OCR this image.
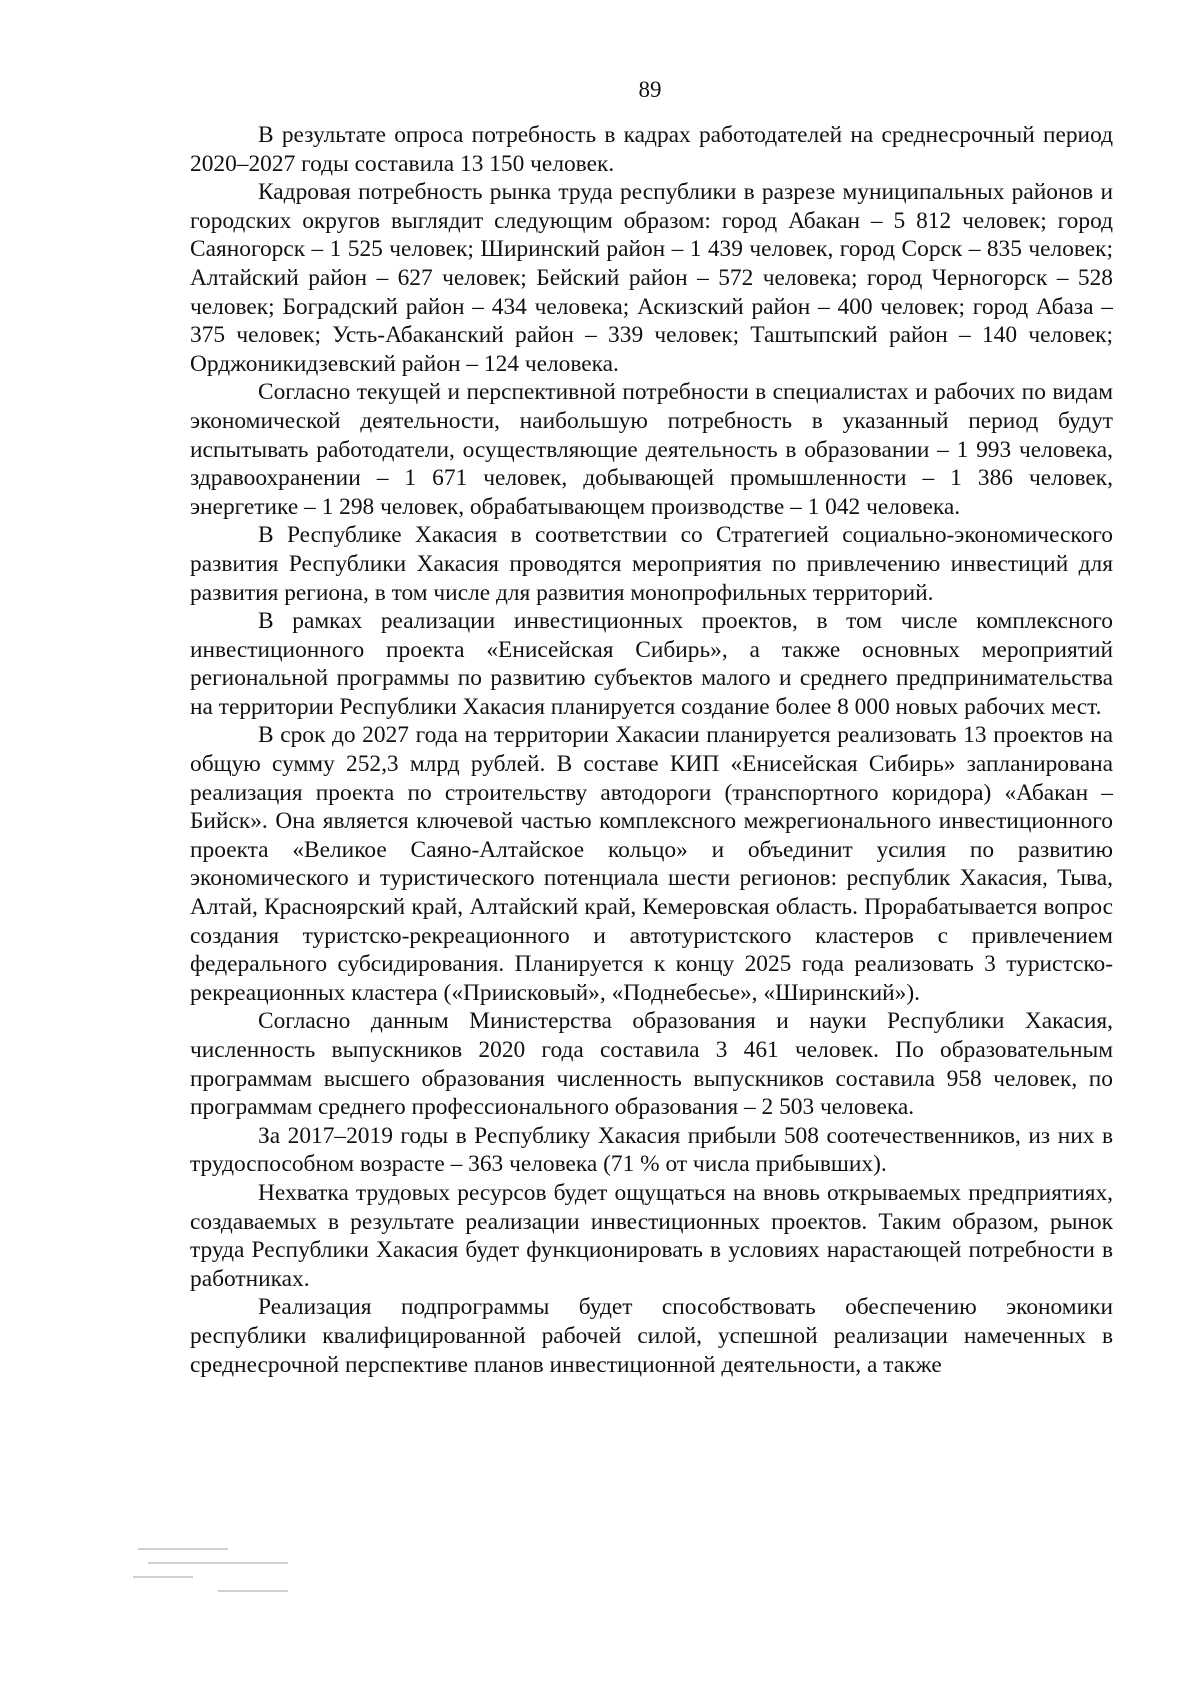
89

В результате опроса потребность в кадрах работодателей на среднесрочный период 2020–2027 годы составила 13 150 человек.

Кадровая потребность рынка труда республики в разрезе муниципальных районов и городских округов выглядит следующим образом: город Абакан – 5 812 человек; город Саяногорск – 1 525 человек; Ширинский район – 1 439 человек, город Сорск – 835 человек; Алтайский район – 627 человек; Бейский район – 572 человека; город Черногорск – 528 человек; Боградский район – 434 человека; Аскизский район – 400 человек; город Абаза – 375 человек; Усть-Абаканский район – 339 человек; Таштыпский район – 140 человек; Орджоникидзевский район – 124 человека.

Согласно текущей и перспективной потребности в специалистах и рабочих по видам экономической деятельности, наибольшую потребность в указанный период будут испытывать работодатели, осуществляющие деятельность в образовании – 1 993 человека, здравоохранении – 1 671 человек, добывающей промышленности – 1 386 человек, энергетике – 1 298 человек, обрабатывающем производстве – 1 042 человека.

В Республике Хакасия в соответствии со Стратегией социально-экономического развития Республики Хакасия проводятся мероприятия по привлечению инвестиций для развития региона, в том числе для развития монопрофильных территорий.

В рамках реализации инвестиционных проектов, в том числе комплексного инвестиционного проекта «Енисейская Сибирь», а также основных мероприятий региональной программы по развитию субъектов малого и среднего предпринимательства на территории Республики Хакасия планируется создание более 8 000 новых рабочих мест.

В срок до 2027 года на территории Хакасии планируется реализовать 13 проектов на общую сумму 252,3 млрд рублей. В составе КИП «Енисейская Сибирь» запланирована реализация проекта по строительству автодороги (транспортного коридора) «Абакан – Бийск». Она является ключевой частью комплексного межрегионального инвестиционного проекта «Великое Саяно-Алтайское кольцо» и объединит усилия по развитию экономического и туристического потенциала шести регионов: республик Хакасия, Тыва, Алтай, Красноярский край, Алтайский край, Кемеровская область. Прорабатывается вопрос создания туристско-рекреационного и автотуристского кластеров с привлечением федерального субсидирования. Планируется к концу 2025 года реализовать 3 туристско-рекреационных кластера («Приисковый», «Поднебесье», «Ширинский»).

Согласно данным Министерства образования и науки Республики Хакасия, численность выпускников 2020 года составила 3 461 человек. По образовательным программам высшего образования численность выпускников составила 958 человек, по программам среднего профессионального образования – 2 503 человека.

За 2017–2019 годы в Республику Хакасия прибыли 508 соотечественников, из них в трудоспособном возрасте – 363 человека (71 % от числа прибывших).

Нехватка трудовых ресурсов будет ощущаться на вновь открываемых предприятиях, создаваемых в результате реализации инвестиционных проектов. Таким образом, рынок труда Республики Хакасия будет функционировать в условиях нарастающей потребности в работниках.

Реализация подпрограммы будет способствовать обеспечению экономики республики квалифицированной рабочей силой, успешной реализации намеченных в среднесрочной перспективе планов инвестиционной деятельности, а также
